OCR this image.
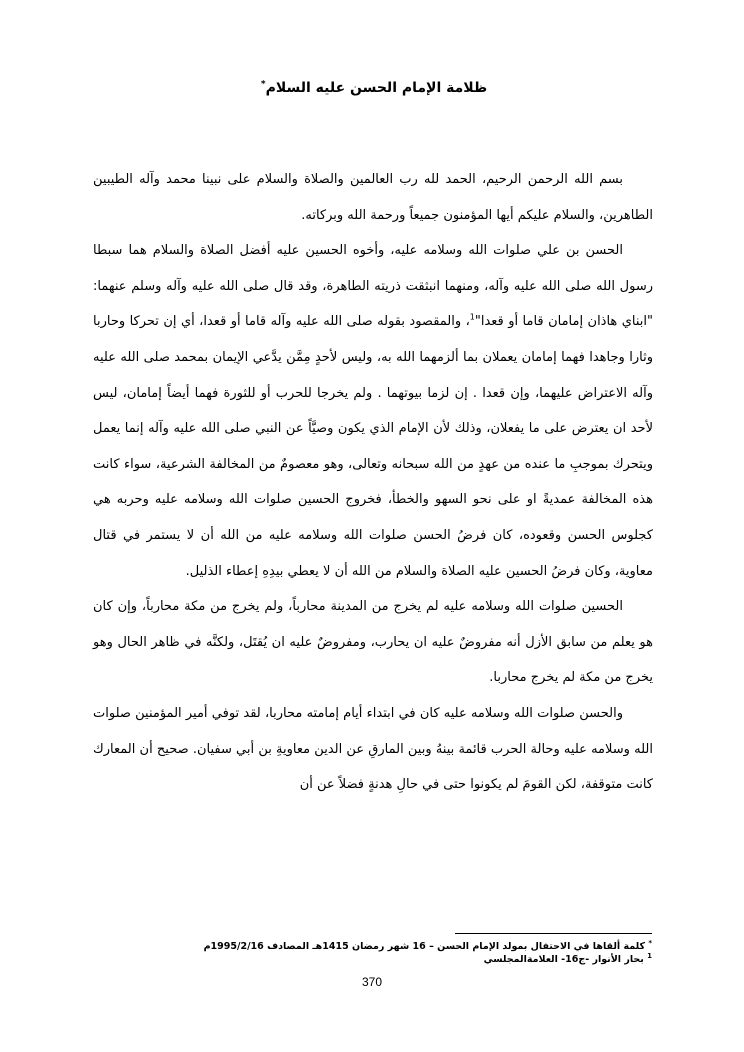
ظلامة الإمام الحسن عليه السلام*

بسم الله الرحمن الرحيم، الحمد لله رب العالمين والصلاة والسلام على نبينا محمد وآله الطيبين الطاهرين، والسلام عليكم أيها المؤمنون جميعاً ورحمة الله وبركاته.

الحسن بن علي صلوات الله وسلامه عليه، وأخوه الحسين عليه أفضل الصلاة والسلام هما سبطا رسول الله صلى الله عليه وآله، ومنهما انبثقت ذريته الطاهرة، وقد قال صلى الله عليه وآله وسلم عنهما: "ابناي هاذان إمامان قاما أو قعدا"$^1$، والمقصود بقوله صلى الله عليه وآله قاما أو قعدا، أي إن تحركا وحاربا وثارا وجاهدا فهما إمامان يعملان بما ألزمهما الله به، وليس لأحدٍ مِمَّن يدَّعي الإيمان بمحمد صلى الله عليه وآله الاعتراض عليهما، وإن قعدا . إن لزما بيوتهما . ولم يخرجا للحرب أو للثورة فهما أيضاً إمامان، ليس لأحد ان يعترض على ما يفعلان، وذلك لأن الإمام الذي يكون وصيَّاً عن النبي صلى الله عليه وآله إنما يعمل ويتحرك بموجبِ ما عنده من عهدٍ من الله سبحانه وتعالى، وهو معصومٌ من المخالفة الشرعية، سواء كانت هذه المخالفة عمديةً او على نحو السهو والخطأ، فخروج الحسين صلوات الله وسلامه عليه وحربه هي كجلوس الحسن وقعوده، كان فرضُ الحسن صلوات الله وسلامه عليه من الله أن لا يستمر في قتال معاوية، وكان فرضُ الحسين عليه الصلاة والسلام من الله أن لا يعطي بيدِهِ إعطاء الذليل.

الحسين صلوات الله وسلامه عليه لم يخرج من المدينة محارباً، ولم يخرج من مكة محارباً، وإن كان هو يعلم من سابق الأزل أنه مفروضٌ عليه ان يحارب، ومفروضٌ عليه ان يُقتَل، ولكنَّه في ظاهر الحال وهو يخرج من مكة لم يخرج محاربا.

والحسن صلوات الله وسلامه عليه كان في ابتداء أيام إمامته محاربا، لقد توفي أمير المؤمنين صلوات الله وسلامه عليه وحالة الحرب قائمة بينهُ وبين المارقِ عن الدين معاويةِ بن أبي سفيان. صحيح أن المعارك كانت متوقفة، لكن القومَ لم يكونوا حتى في حالِ هدنةٍ فضلاً عن أن

* كلمة ألقاها في الاحتفال بمولد الإمام الحسن – 16 شهر رمضان 1415هـ المصادف 1995/2/16م
$^1$ بحار الأنوار -ج16- العلامةالمجلسي
370
